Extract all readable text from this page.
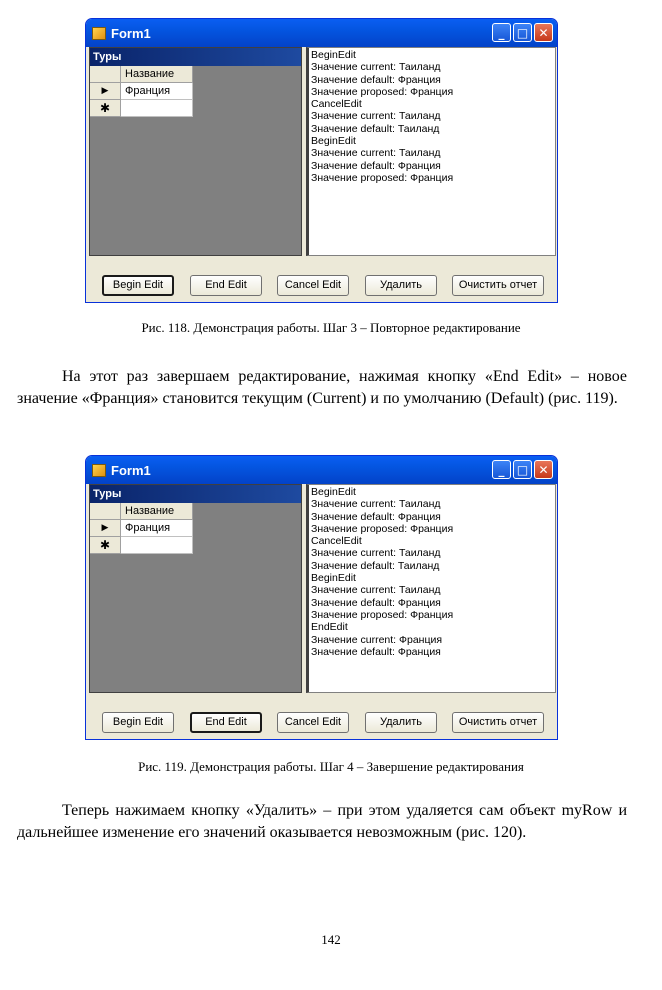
Form1	_	□ ✕
Туры
Название
▶	Франция
✱
BeginEdit
Значение current: Таиланд
Значение default: Франция
Значение proposed: Франция
CancelEdit
Значение current: Таиланд
Значение default: Таиланд
BeginEdit
Значение current: Таиланд
Значение default: Франция
Значение proposed: Франция
Begin Edit	End Edit	Cancel Edit	Удалить	Очистить отчет
Рис. 118. Демонстрация работы. Шаг 3 – Повторное редактирование

На этот раз завершаем редактирование, нажимая кнопку «End Edit» – новое значение «Франция» становится текущим (Current) и по умолчанию (Default) (рис. 119).

Form1	_	□ ✕
Туры
Название
▶	Франция
✱
BeginEdit
Значение current: Таиланд
Значение default: Франция
Значение proposed: Франция
CancelEdit
Значение current: Таиланд
Значение default: Таиланд
BeginEdit
Значение current: Таиланд
Значение default: Франция
Значение proposed: Франция
EndEdit
Значение current: Франция
Значение default: Франция
Begin Edit	End Edit	Cancel Edit	Удалить	Очистить отчет
Рис. 119. Демонстрация работы. Шаг 4 – Завершение редактирования

Теперь нажимаем кнопку «Удалить» – при этом удаляется сам объект myRow и дальнейшее изменение его значений оказывается невозможным (рис. 120).

142
